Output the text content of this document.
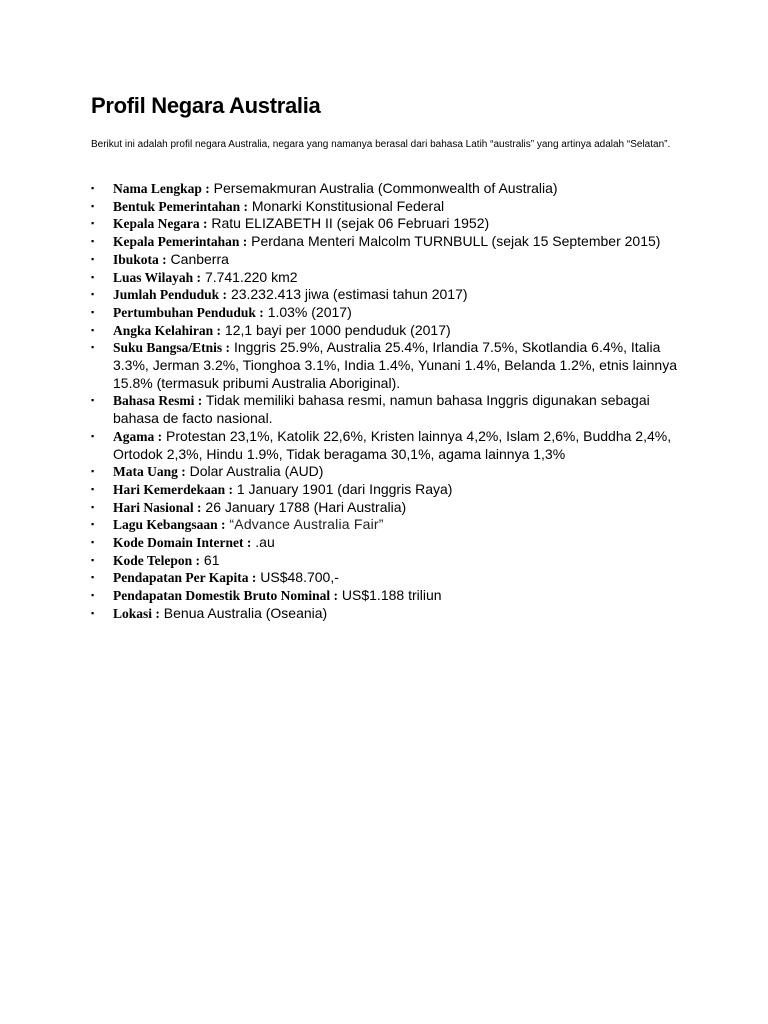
Profil Negara Australia

Berikut ini adalah profil negara Australia, negara yang namanya berasal dari bahasa Latih “australis” yang artinya adalah “Selatan”.

▪ Nama Lengkap : Persemakmuran Australia (Commonwealth of Australia)
▪ Bentuk Pemerintahan : Monarki Konstitusional Federal
▪ Kepala Negara : Ratu ELIZABETH II (sejak 06 Februari 1952)
▪ Kepala Pemerintahan : Perdana Menteri Malcolm TURNBULL (sejak 15 September 2015)
▪ Ibukota : Canberra
▪ Luas Wilayah : 7.741.220 km2
▪ Jumlah Penduduk : 23.232.413 jiwa (estimasi tahun 2017)
▪ Pertumbuhan Penduduk : 1.03% (2017)
▪ Angka Kelahiran : 12,1 bayi per 1000 penduduk (2017)
▪ Suku Bangsa/Etnis : Inggris 25.9%, Australia 25.4%, Irlandia 7.5%, Skotlandia 6.4%, Italia 3.3%, Jerman 3.2%, Tionghoa 3.1%, India 1.4%, Yunani 1.4%, Belanda 1.2%, etnis lainnya 15.8% (termasuk pribumi Australia Aboriginal).
▪ Bahasa Resmi : Tidak memiliki bahasa resmi, namun bahasa Inggris digunakan sebagai bahasa de facto nasional.
▪ Agama : Protestan 23,1%, Katolik 22,6%, Kristen lainnya 4,2%, Islam 2,6%, Buddha 2,4%, Ortodok 2,3%, Hindu 1.9%, Tidak beragama 30,1%, agama lainnya 1,3%
▪ Mata Uang : Dolar Australia (AUD)
▪ Hari Kemerdekaan : 1 January 1901 (dari Inggris Raya)
▪ Hari Nasional : 26 January 1788 (Hari Australia)
▪ Lagu Kebangsaan : “Advance Australia Fair”
▪ Kode Domain Internet : .au
▪ Kode Telepon : 61
▪ Pendapatan Per Kapita : US$48.700,-
▪ Pendapatan Domestik Bruto Nominal : US$1.188 triliun
▪ Lokasi : Benua Australia (Oseania)
